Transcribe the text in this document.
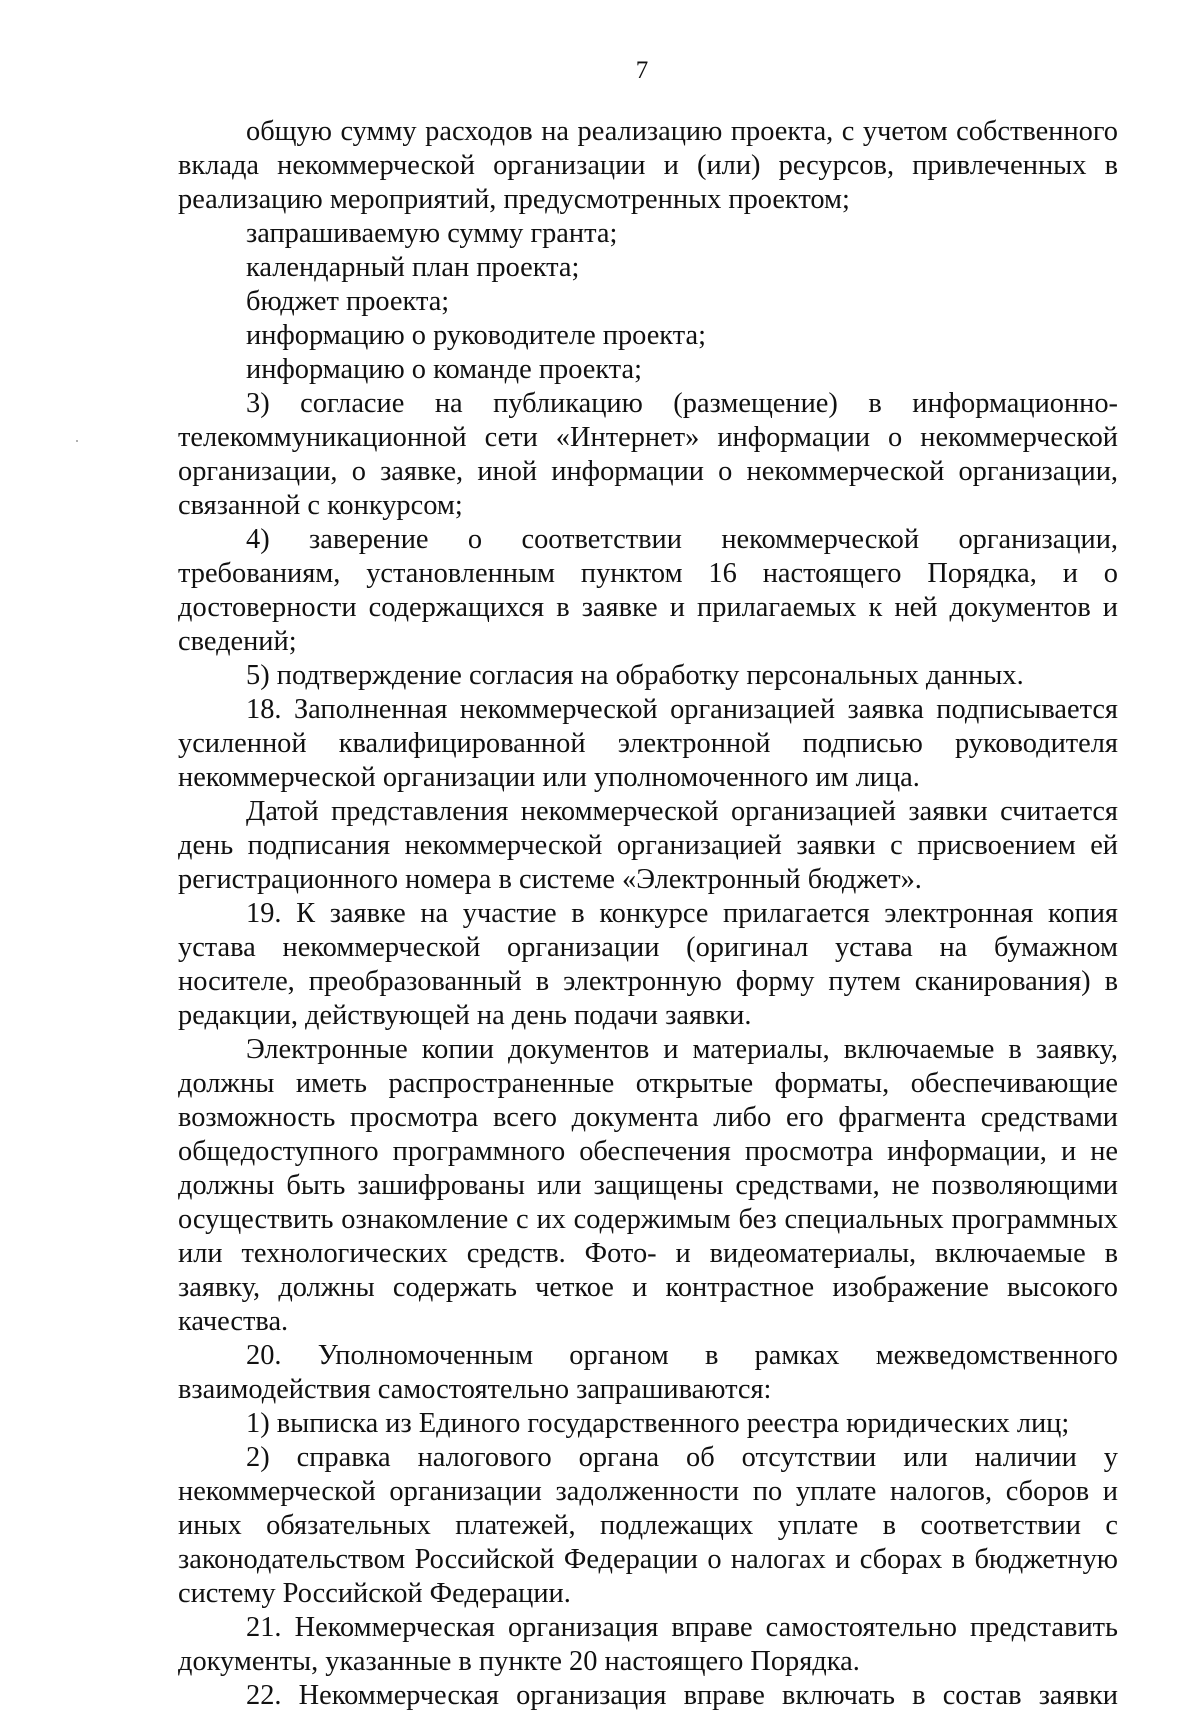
7

общую сумму расходов на реализацию проекта, с учетом собственного вклада некоммерческой организации и (или) ресурсов, привлеченных в реализацию мероприятий, предусмотренных проектом;

запрашиваемую сумму гранта;

календарный план проекта;

бюджет проекта;

информацию о руководителе проекта;

информацию о команде проекта;

3) согласие на публикацию (размещение) в информационно-телекоммуникационной сети «Интернет» информации о некоммерческой организации, о заявке, иной информации о некоммерческой организации, связанной с конкурсом;

4) заверение о соответствии некоммерческой организации, требованиям, установленным пунктом 16 настоящего Порядка, и о достоверности содержащихся в заявке и прилагаемых к ней документов и сведений;

5) подтверждение согласия на обработку персональных данных.

18. Заполненная некоммерческой организацией заявка подписывается усиленной квалифицированной электронной подписью руководителя некоммерческой организации или уполномоченного им лица.

Датой представления некоммерческой организацией заявки считается день подписания некоммерческой организацией заявки с присвоением ей регистрационного номера в системе «Электронный бюджет».

19. К заявке на участие в конкурсе прилагается электронная копия устава некоммерческой организации (оригинал устава на бумажном носителе, преобразованный в электронную форму путем сканирования) в редакции, действующей на день подачи заявки.

Электронные копии документов и материалы, включаемые в заявку, должны иметь распространенные открытые форматы, обеспечивающие возможность просмотра всего документа либо его фрагмента средствами общедоступного программного обеспечения просмотра информации, и не должны быть зашифрованы или защищены средствами, не позволяющими осуществить ознакомление с их содержимым без специальных программных или технологических средств. Фото- и видеоматериалы, включаемые в заявку, должны содержать четкое и контрастное изображение высокого качества.

20. Уполномоченным органом в рамках межведомственного взаимодействия самостоятельно запрашиваются:

1) выписка из Единого государственного реестра юридических лиц;

2) справка налогового органа об отсутствии или наличии у некоммерческой организации задолженности по уплате налогов, сборов и иных обязательных платежей, подлежащих уплате в соответствии с законодательством Российской Федерации о налогах и сборах в бюджетную систему Российской Федерации.

21. Некоммерческая организация вправе самостоятельно представить документы, указанные в пункте 20 настоящего Порядка.

22. Некоммерческая организация вправе включать в состав заявки
